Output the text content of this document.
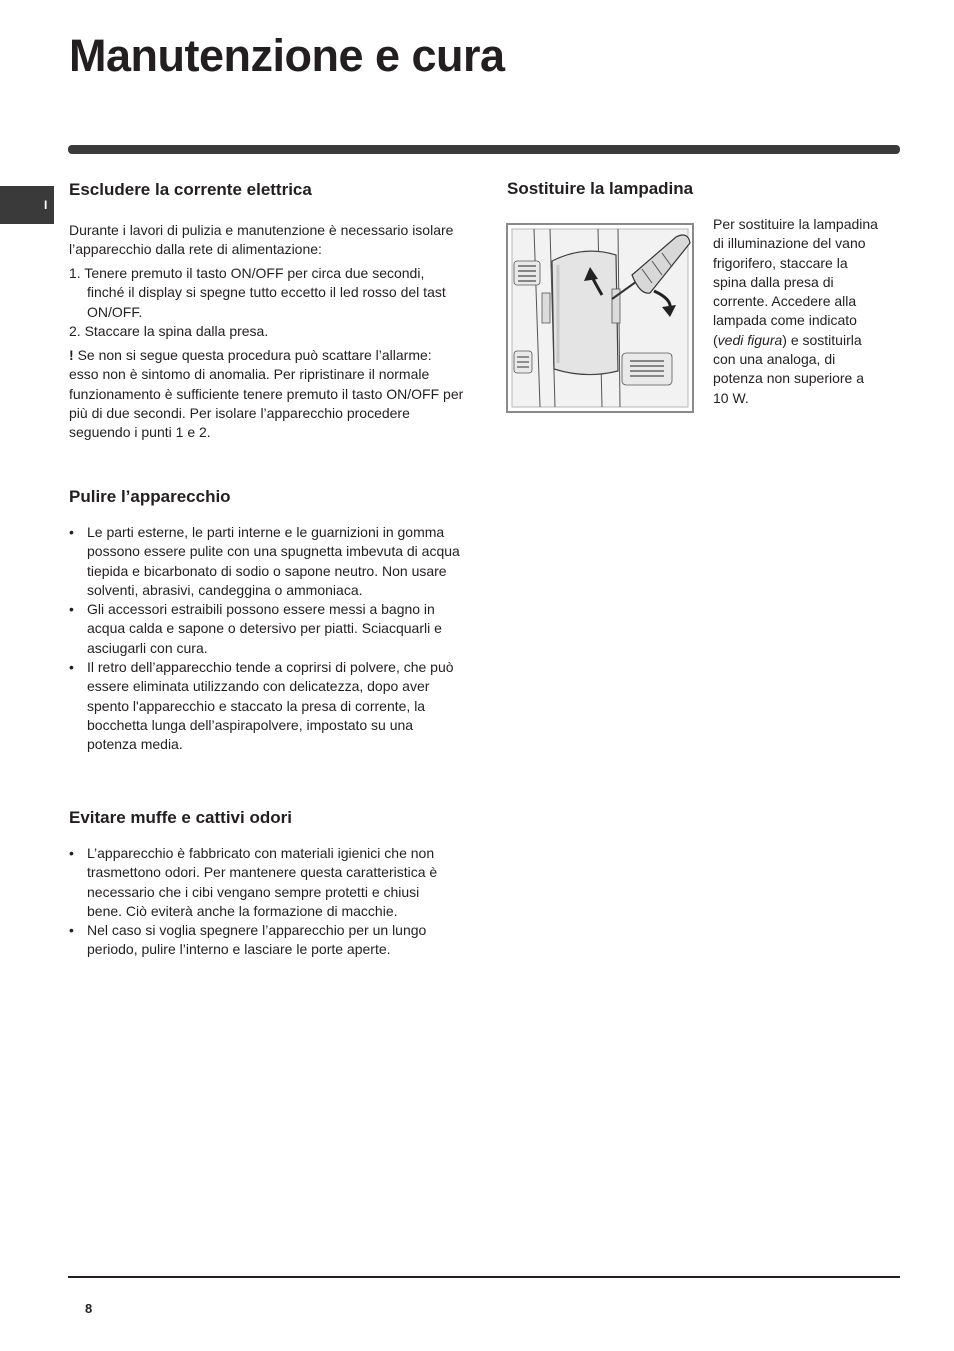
Manutenzione e cura
I
Escludere la corrente elettrica

Durante i lavori di pulizia e manutenzione è necessario isolare l’apparecchio dalla rete di alimentazione:

1. Tenere premuto il tasto ON/OFF per circa due secondi, finché il display si spegne tutto eccetto il led rosso del tast ON/OFF.
2. Staccare la spina dalla presa.

! Se non si segue questa procedura può scattare l’allarme: esso non è sintomo di anomalia. Per ripristinare il normale funzionamento è sufficiente tenere premuto il tasto ON/OFF per più di due secondi. Per isolare l’apparecchio procedere seguendo i punti 1 e 2.

Pulire l’apparecchio
• Le parti esterne, le parti interne e le guarnizioni in gomma possono essere pulite con una spugnetta imbevuta di acqua tiepida e bicarbonato di sodio o sapone neutro. Non usare solventi, abrasivi, candeggina o ammoniaca.
• Gli accessori estraibili possono essere messi a bagno in acqua calda e sapone o detersivo per piatti. Sciacquarli e asciugarli con cura.
• Il retro dell’apparecchio tende a coprirsi di polvere, che può essere eliminata utilizzando con delicatezza, dopo aver spento l'apparecchio e staccato la presa di corrente, la bocchetta lunga dell’aspirapolvere, impostato su una potenza media.
Evitare muffe e cattivi odori
• L’apparecchio è fabbricato con materiali igienici che non trasmettono odori. Per mantenere questa caratteristica è necessario che i cibi vengano sempre protetti e chiusi bene. Ciò eviterà anche la formazione di macchie.
• Nel caso si voglia spegnere l’apparecchio per un lungo periodo, pulire l’interno e lasciare le porte aperte.
Sostituire la lampadina

Per sostituire la lampadina di illuminazione del vano frigorifero, staccare la spina dalla presa di corrente. Accedere alla lampada come indicato (vedi figura) e sostituirla con una analoga, di potenza non superiore a 10 W.

8
